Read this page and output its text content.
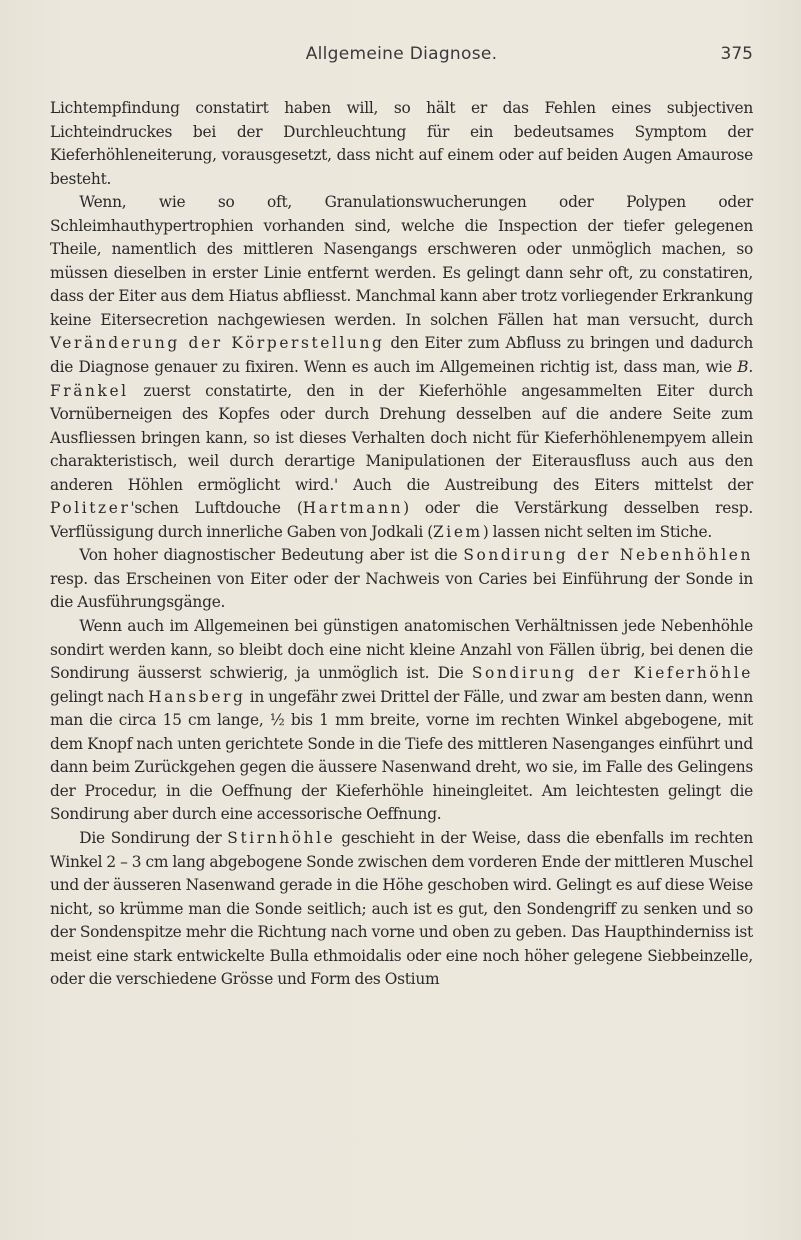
Allgemeine Diagnose.	375

Lichtempfindung constatirt haben will, so hält er das Fehlen eines subjectiven Lichteindruckes bei der Durchleuchtung für ein bedeutsames Symptom der Kieferhöhleneiterung, vorausgesetzt, dass nicht auf einem oder auf beiden Augen Amaurose besteht.

Wenn, wie so oft, Granulationswucherungen oder Polypen oder Schleimhauthypertrophien vorhanden sind, welche die Inspection der tiefer gelegenen Theile, namentlich des mittleren Nasengangs erschweren oder unmöglich machen, so müssen dieselben in erster Linie entfernt werden. Es gelingt dann sehr oft, zu constatiren, dass der Eiter aus dem Hiatus abfliesst. Manchmal kann aber trotz vorliegender Erkrankung keine Eitersecretion nachgewiesen werden. In solchen Fällen hat man versucht, durch Veränderung der Körperstellung den Eiter zum Abfluss zu bringen und dadurch die Diagnose genauer zu fixiren. Wenn es auch im Allgemeinen richtig ist, dass man, wie B. Fränkel zuerst constatirte, den in der Kieferhöhle angesammelten Eiter durch Vornüberneigen des Kopfes oder durch Drehung desselben auf die andere Seite zum Ausfliessen bringen kann, so ist dieses Verhalten doch nicht für Kieferhöhlenempyem allein charakteristisch, weil durch derartige Manipulationen der Eiterausfluss auch aus den anderen Höhlen ermöglicht wird.' Auch die Austreibung des Eiters mittelst der Politzer'schen Luftdouche (Hartmann) oder die Verstärkung desselben resp. Verflüssigung durch innerliche Gaben von Jodkali (Ziem) lassen nicht selten im Stiche.

Von hoher diagnostischer Bedeutung aber ist die Sondirung der Nebenhöhlen resp. das Erscheinen von Eiter oder der Nachweis von Caries bei Einführung der Sonde in die Ausführungsgänge.

Wenn auch im Allgemeinen bei günstigen anatomischen Verhältnissen jede Nebenhöhle sondirt werden kann, so bleibt doch eine nicht kleine Anzahl von Fällen übrig, bei denen die Sondirung äusserst schwierig, ja unmöglich ist. Die Sondirung der Kieferhöhle gelingt nach Hansberg in ungefähr zwei Drittel der Fälle, und zwar am besten dann, wenn man die circa 15 cm lange, ½ bis 1 mm breite, vorne im rechten Winkel abgebogene, mit dem Knopf nach unten gerichtete Sonde in die Tiefe des mittleren Nasenganges einführt und dann beim Zurückgehen gegen die äussere Nasenwand dreht, wo sie, im Falle des Gelingens der Procedur, in die Oeffnung der Kieferhöhle hineingleitet. Am leichtesten gelingt die Sondirung aber durch eine accessorische Oeffnung.

Die Sondirung der Stirnhöhle geschieht in der Weise, dass die ebenfalls im rechten Winkel 2 – 3 cm lang abgebogene Sonde zwischen dem vorderen Ende der mittleren Muschel und der äusseren Nasenwand gerade in die Höhe geschoben wird. Gelingt es auf diese Weise nicht, so krümme man die Sonde seitlich; auch ist es gut, den Sondengriff zu senken und so der Sondenspitze mehr die Richtung nach vorne und oben zu geben. Das Haupthinderniss ist meist eine stark entwickelte Bulla ethmoidalis oder eine noch höher gelegene Siebbeinzelle, oder die verschiedene Grösse und Form des Ostium
